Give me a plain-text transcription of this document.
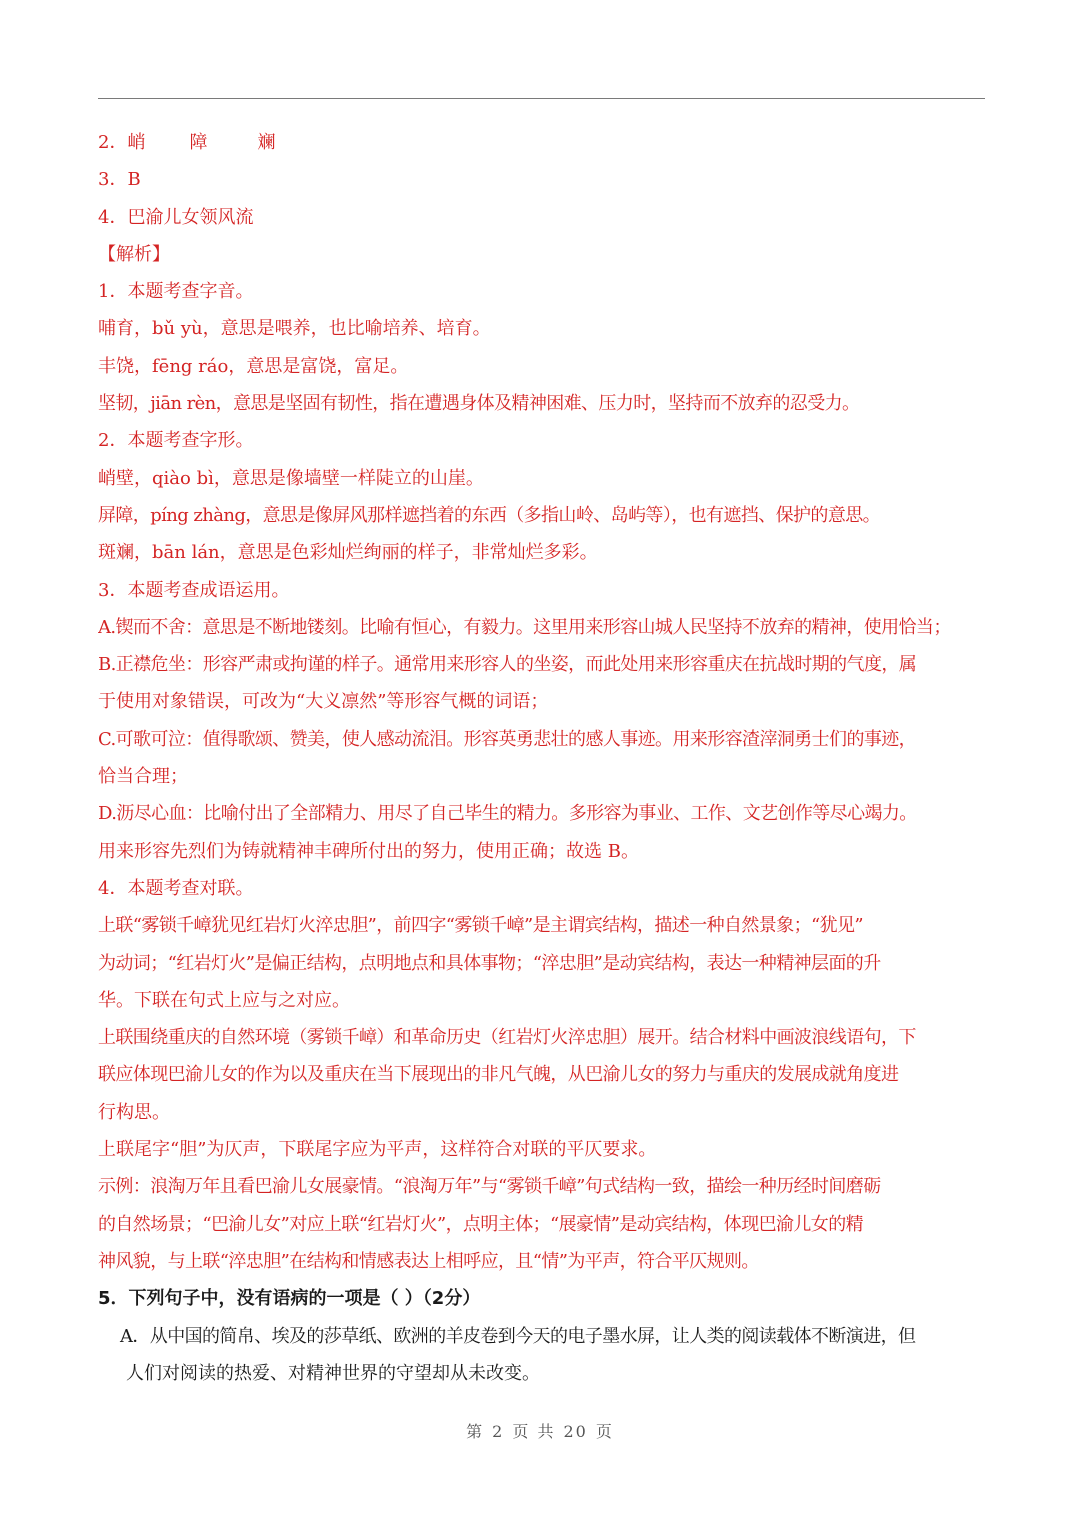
2．峭 障	斓
3．B
4．巴渝儿女领风流
【解析】
1．本题考查字音。
哺育，bǔ yù，意思是喂养，也比喻培养、培育。
丰饶，fēng ráo，意思是富饶，富足。
坚韧，jiān rèn，意思是坚固有韧性，指在遭遇身体及精神困难、压力时，坚持而不放弃的忍受力。
2．本题考查字形。
峭壁，qiào bì，意思是像墙壁一样陡立的山崖。
屏障，píng zhàng，意思是像屏风那样遮挡着的东西（多指山岭、岛屿等），也有遮挡、保护的意思。
斑斓，bān lán，意思是色彩灿烂绚丽的样子，非常灿烂多彩。
3．本题考查成语运用。
A.锲而不舍：意思是不断地镂刻。比喻有恒心，有毅力。这里用来形容山城人民坚持不放弃的精神，使用恰当；
B.正襟危坐：形容严肃或拘谨的样子。通常用来形容人的坐姿，而此处用来形容重庆在抗战时期的气度，属
于使用对象错误，可改为“大义凛然”等形容气概的词语；
C.可歌可泣：值得歌颂、赞美，使人感动流泪。形容英勇悲壮的感人事迹。用来形容渣滓洞勇士们的事迹，
恰当合理；
D.沥尽心血：比喻付出了全部精力、用尽了自己毕生的精力。多形容为事业、工作、文艺创作等尽心竭力。
用来形容先烈们为铸就精神丰碑所付出的努力，使用正确；故选 B。
4．本题考查对联。
上联“雾锁千嶂犹见红岩灯火淬忠胆”，前四字“雾锁千嶂”是主谓宾结构，描述一种自然景象；“犹见”
为动词；“红岩灯火”是偏正结构，点明地点和具体事物；“淬忠胆”是动宾结构，表达一种精神层面的升
华。下联在句式上应与之对应。
上联围绕重庆的自然环境（雾锁千嶂）和革命历史（红岩灯火淬忠胆）展开。结合材料中画波浪线语句，下
联应体现巴渝儿女的作为以及重庆在当下展现出的非凡气魄，从巴渝儿女的努力与重庆的发展成就角度进
行构思。
上联尾字“胆”为仄声，下联尾字应为平声，这样符合对联的平仄要求。
示例：浪淘万年且看巴渝儿女展豪情。“浪淘万年”与“雾锁千嶂”句式结构一致，描绘一种历经时间磨砺
的自然场景；“巴渝儿女”对应上联“红岩灯火”，点明主体；“展豪情”是动宾结构，体现巴渝儿女的精
神风貌，与上联“淬忠胆”在结构和情感表达上相呼应，且“情”为平声，符合平仄规则。
5．下列句子中，没有语病的一项是（ ）（2分）
A．从中国的简帛、埃及的莎草纸、欧洲的羊皮卷到今天的电子墨水屏，让人类的阅读载体不断演进，但
人们对阅读的热爱、对精神世界的守望却从未改变。
第 2 页 共 20 页
